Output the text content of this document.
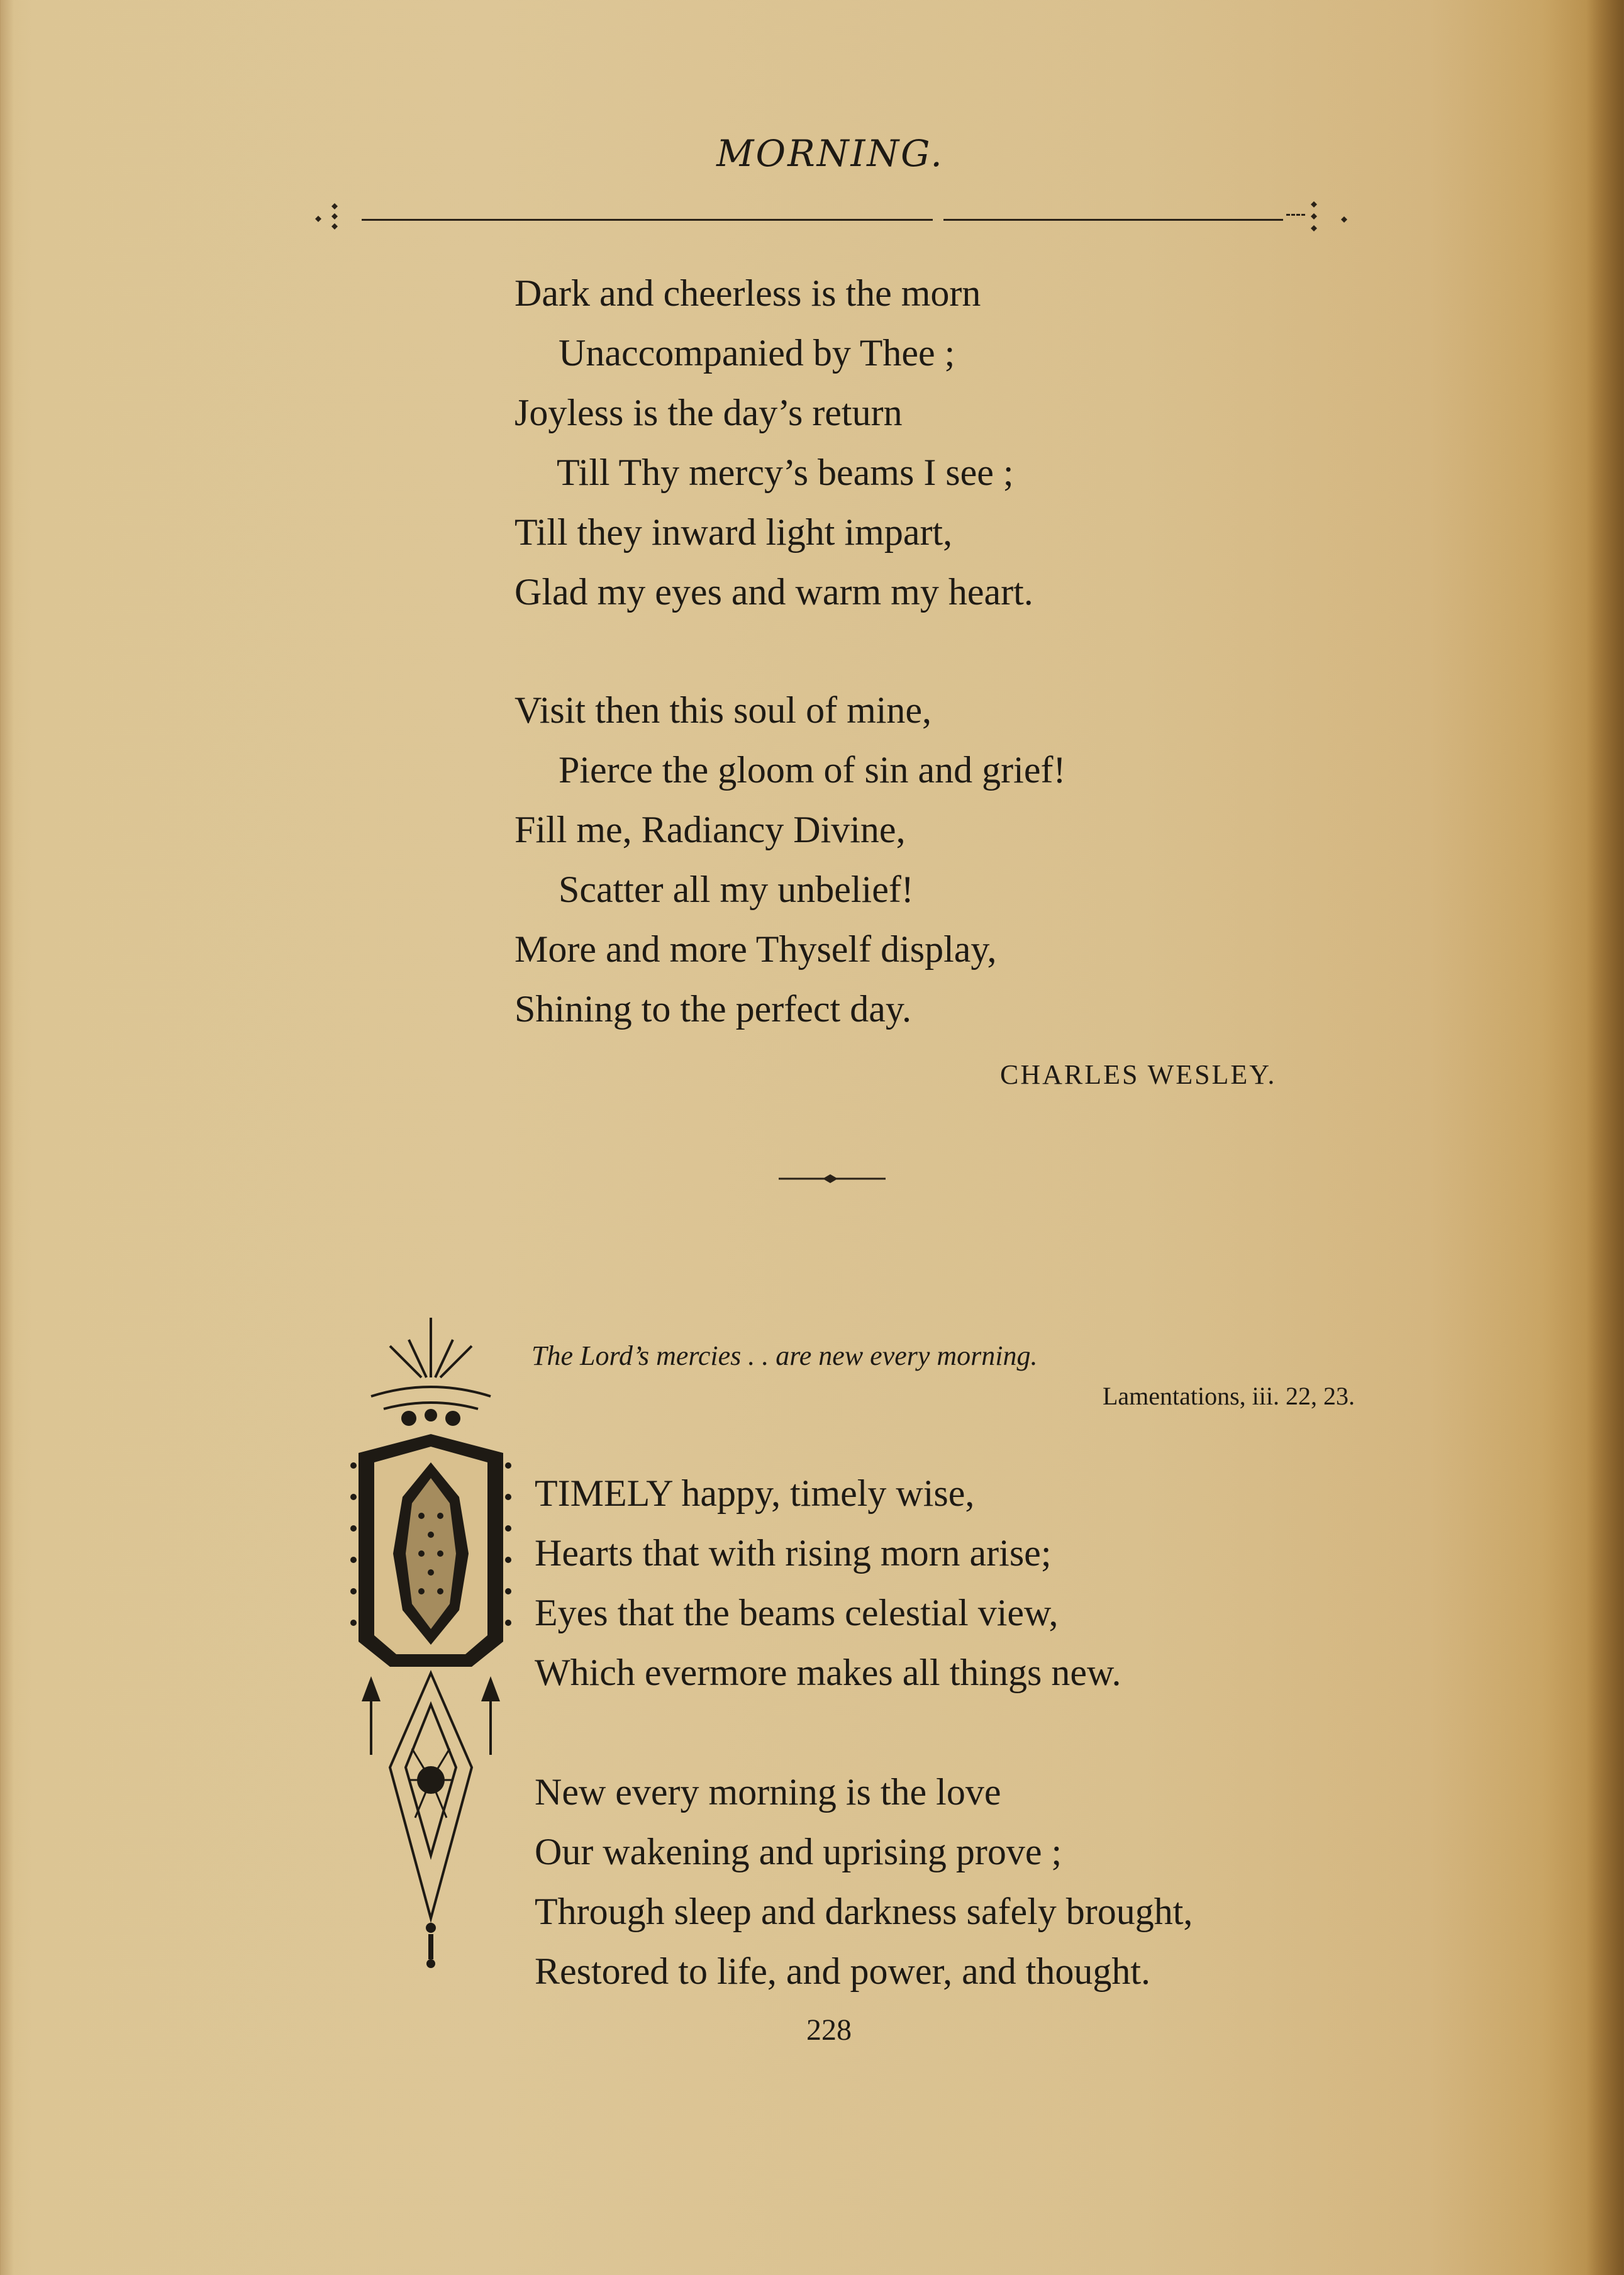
MORNING.
Dark and cheerless is the morn
Unaccompanied by Thee ;
Joyless is the day’s return
Till Thy mercy’s beams I see ;
Till they inward light impart,
Glad my eyes and warm my heart.
Visit then this soul of mine,
Pierce the gloom of sin and grief!
Fill me, Radiancy Divine,
Scatter all my unbelief!
More and more Thyself display,
Shining to the perfect day.
CHARLES WESLEY.
The Lord’s mercies . . are new every morning.
Lamentations, iii. 22, 23.
TIMELY happy, timely wise,
Hearts that with rising morn arise;
Eyes that the beams celestial view,
Which evermore makes all things new.
New every morning is the love
Our wakening and uprising prove ;
Through sleep and darkness safely brought,
Restored to life, and power, and thought.
228
